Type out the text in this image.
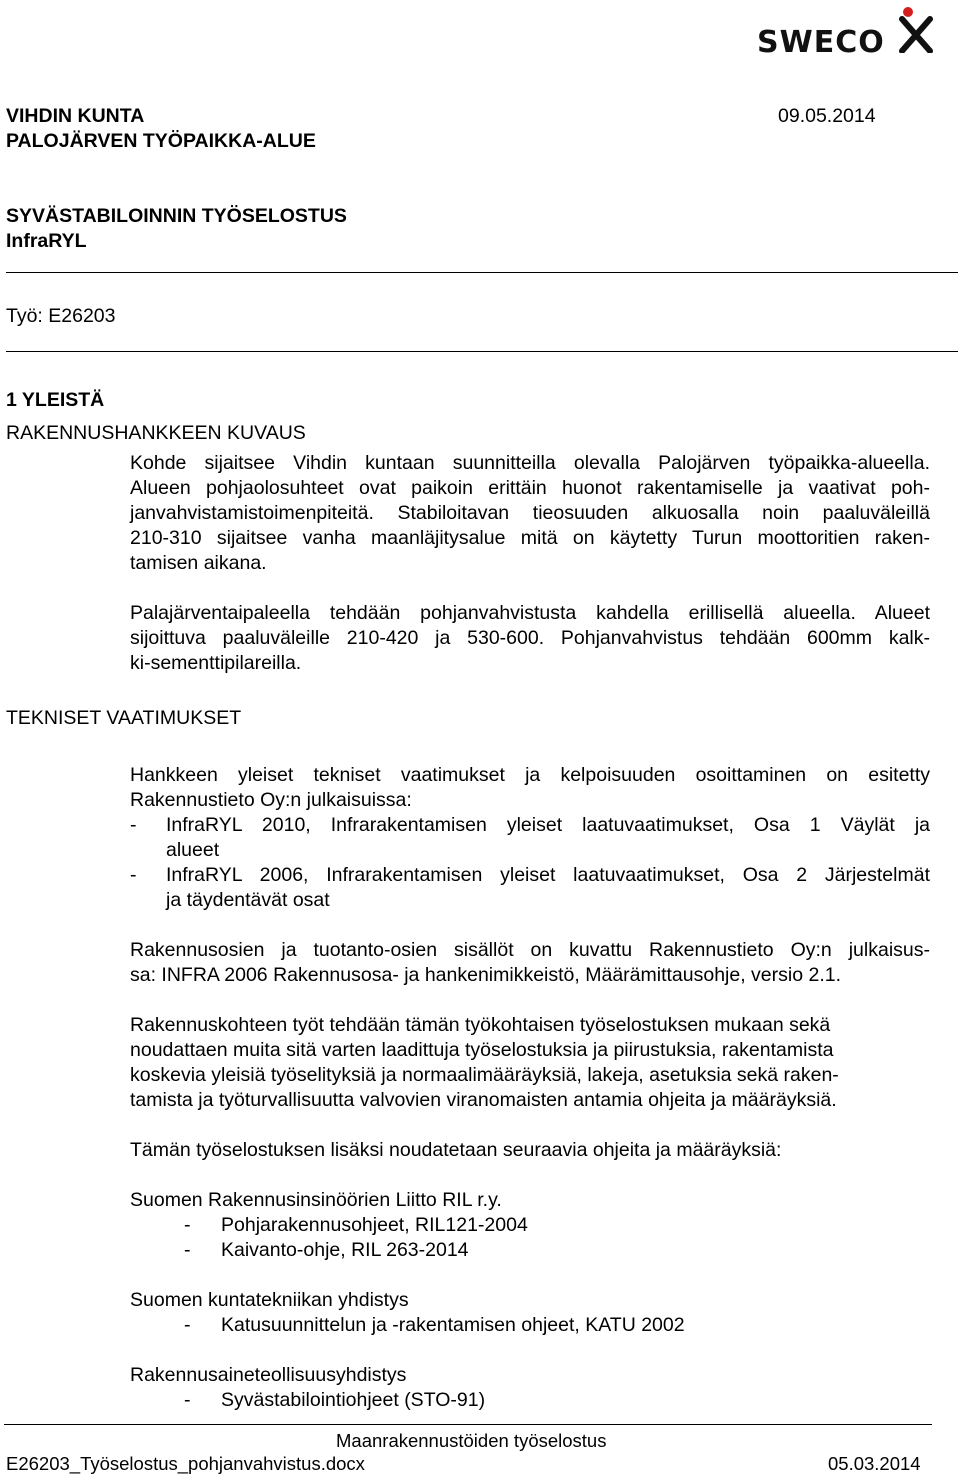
SWECO
VIHDIN KUNTA	09.05.2014
PALOJÄRVEN TYÖPAIKKA-ALUE
SYVÄSTABILOINNIN TYÖSELOSTUS
InfraRYL
Työ: E26203
1 YLEISTÄ
RAKENNUSHANKKEEN KUVAUS
Kohde sijaitsee Vihdin kuntaan suunnitteilla olevalla Palojärven työpaikka-alueella.
Alueen pohjaolosuhteet ovat paikoin erittäin huonot rakentamiselle ja vaativat poh-
janvahvistamistoimenpiteitä. Stabiloitavan tieosuuden alkuosalla noin paaluväleillä
210-310 sijaitsee vanha maanläjitysalue mitä on käytetty Turun moottoritien raken-
tamisen aikana.
Palajärventaipaleella tehdään pohjanvahvistusta kahdella erillisellä alueella. Alueet
sijoittuva paaluväleille 210-420 ja 530-600. Pohjanvahvistus tehdään 600mm kalk-
ki-sementtipilareilla.
TEKNISET VAATIMUKSET
Hankkeen yleiset tekniset vaatimukset ja kelpoisuuden osoittaminen on esitetty
Rakennustieto Oy:n julkaisuissa:
- InfraRYL 2010, Infrarakentamisen yleiset laatuvaatimukset, Osa 1 Väylät ja
alueet
- InfraRYL 2006, Infrarakentamisen yleiset laatuvaatimukset, Osa 2 Järjestelmät
ja täydentävät osat
Rakennusosien ja tuotanto-osien sisällöt on kuvattu Rakennustieto Oy:n julkaisus-
sa: INFRA 2006 Rakennusosa- ja hankenimikkeistö, Määrämittausohje, versio 2.1.
Rakennuskohteen työt tehdään tämän työkohtaisen työselostuksen mukaan sekä
noudattaen muita sitä varten laadittuja työselostuksia ja piirustuksia, rakentamista
koskevia yleisiä työselityksiä ja normaalimääräyksiä, lakeja, asetuksia sekä raken-
tamista ja työturvallisuutta valvovien viranomaisten antamia ohjeita ja määräyksiä.
Tämän työselostuksen lisäksi noudatetaan seuraavia ohjeita ja määräyksiä:
Suomen Rakennusinsinöörien Liitto RIL r.y.
- Pohjarakennusohjeet, RIL121-2004
- Kaivanto-ohje, RIL 263-2014
Suomen kuntatekniikan yhdistys
- Katusuunnittelun ja -rakentamisen ohjeet, KATU 2002
Rakennusaineteollisuusyhdistys
- Syvästabilointiohjeet (STO-91)
Maanrakennustöiden työselostus
E26203_Työselostus_pohjanvahvistus.docx	05.03.2014
